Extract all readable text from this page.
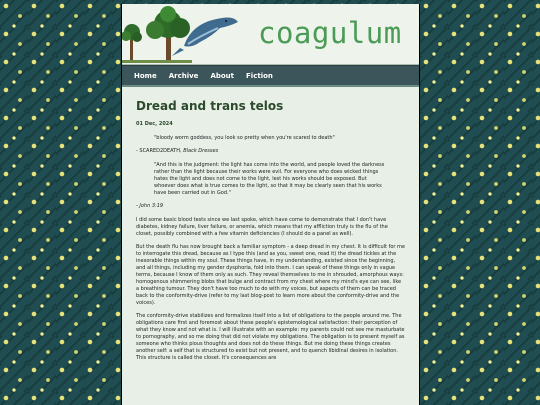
coagulum
Home Archive About Fiction
Dread and trans telos
01 Dec, 2024
"bloody worm goddess, you look so pretty when you're scared to death"
- SCARED2DEATH, Black Dresses
"And this is the judgment: the light has come into the world, and people loved the darkness rather than the light because their works were evil. For everyone who does wicked things hates the light and does not come to the light, lest his works should be exposed. But whoever does what is true comes to the light, so that it may be clearly seen that his works have been carried out in God."
- John 3:19

I did some basic blood tests since we last spoke, which have come to demonstrate that I don't have diabetes, kidney failure, liver failure, or anemia, which means that my affliction truly is the flu of the closet, possibly combined with a few vitamin deficiencies (I should do a panel as well).

But the death flu has now brought back a familiar symptom - a deep dread in my chest. It is difficult for me to interrogate this dread, because as I type this (and as you, sweet one, read it) the dread tickles at the inexorable things within my soul. These things have, in my understanding, existed since the beginning, and all things, including my gender dysphoria, fold into them. I can speak of these things only in vague terms, because I know of them only as such. They reveal themselves to me in shrouded, amorphous ways: homogenous shimmering blobs that bulge and contract from my chest where my mind's eye can see, like a breathing tumour. They don't have too much to do with my voices, but aspects of them can be traced back to the conformity-drive (refer to my last blog-post to learn more about the conformity-drive and the voices).

The conformity-drive stabilizes and formalizes itself into a list of obligations to the people around me. The obligations care first and foremost about these people's epistemological satisfaction: their perception of what they know and not what is. I will illustrate with an example: my parents could not see me masturbate to pornography, and so me doing that did not violate my obligations. The obligation is to present myself as someone who thinks pious thoughts and does not do these things. But me doing these things creates another self: a self that is structured to exist but not present, and to quench libidinal desires in isolation. This structure is called the closet. It's consequences are
